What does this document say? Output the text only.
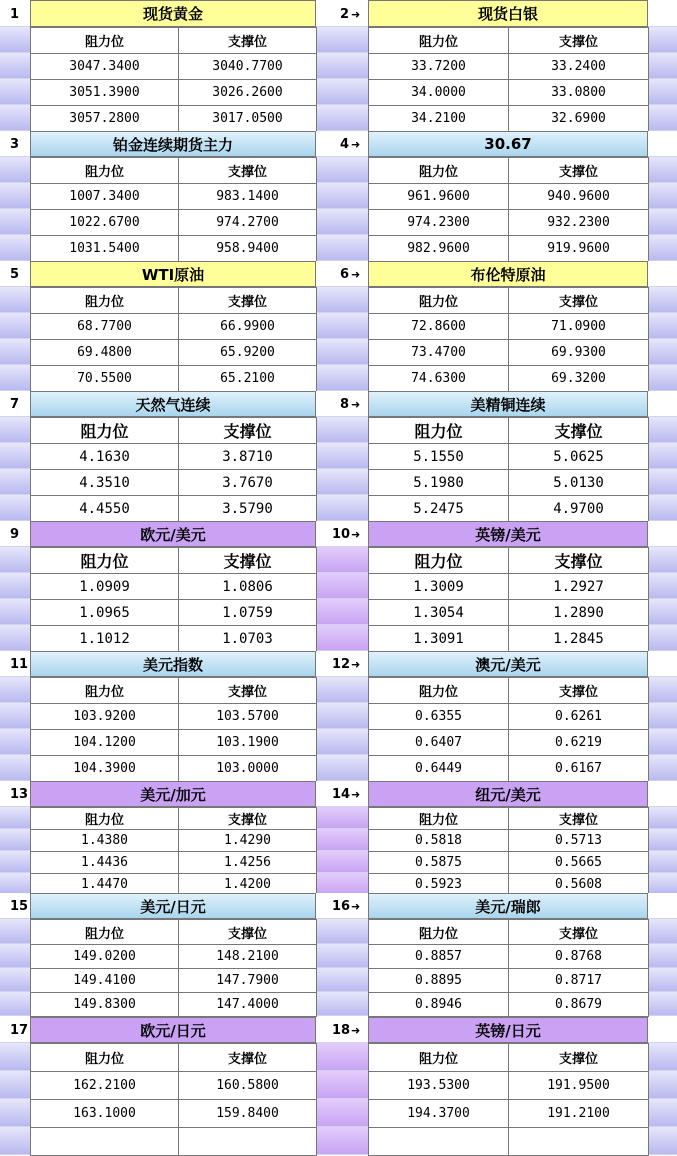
1	2 ➜
现货黄金
阻力位	支撑位
3047.3400	3040.7700
3051.3900	3026.2600
3057.2800	3017.0500
现货白银
阻力位	支撑位
33.7200	33.2400
34.0000	33.0800
34.2100	32.6900
3	4 ➜
铂金连续期货主力
阻力位	支撑位
1007.3400	983.1400
1022.6700	974.2700
1031.5400	958.9400
30.67
阻力位	支撑位
961.9600	940.9600
974.2300	932.2300
982.9600	919.9600
5	6 ➜
WTI原油
阻力位	支撑位
68.7700	66.9900
69.4800	65.9200
70.5500	65.2100
布伦特原油
阻力位	支撑位
72.8600	71.0900
73.4700	69.9300
74.6300	69.3200
7	8 ➜
天然气连续
阻力位	支撑位
4.1630	3.8710
4.3510	3.7670
4.4550	3.5790
美精铜连续
阻力位	支撑位
5.1550	5.0625
5.1980	5.0130
5.2475	4.9700
9	10 ➜
欧元/美元
阻力位	支撑位
1.0909	1.0806
1.0965	1.0759
1.1012	1.0703
英镑/美元
阻力位	支撑位
1.3009	1.2927
1.3054	1.2890
1.3091	1.2845
11	12 ➜
美元指数
阻力位	支撑位
103.9200	103.5700
104.1200	103.1900
104.3900	103.0000
澳元/美元
阻力位	支撑位
0.6355	0.6261
0.6407	0.6219
0.6449	0.6167
13	14 ➜
美元/加元
阻力位	支撑位
1.4380	1.4290
1.4436	1.4256
1.4470	1.4200
纽元/美元
阻力位	支撑位
0.5818	0.5713
0.5875	0.5665
0.5923	0.5608
15	16 ➜
美元/日元
阻力位	支撑位
149.0200	148.2100
149.4100	147.7900
149.8300	147.4000
美元/瑞郎
阻力位	支撑位
0.8857	0.8768
0.8895	0.8717
0.8946	0.8679
17	18 ➜
欧元/日元
阻力位	支撑位
162.2100	160.5800
163.1000	159.8400

英镑/日元
阻力位	支撑位
193.5300	191.9500
194.3700	191.2100
